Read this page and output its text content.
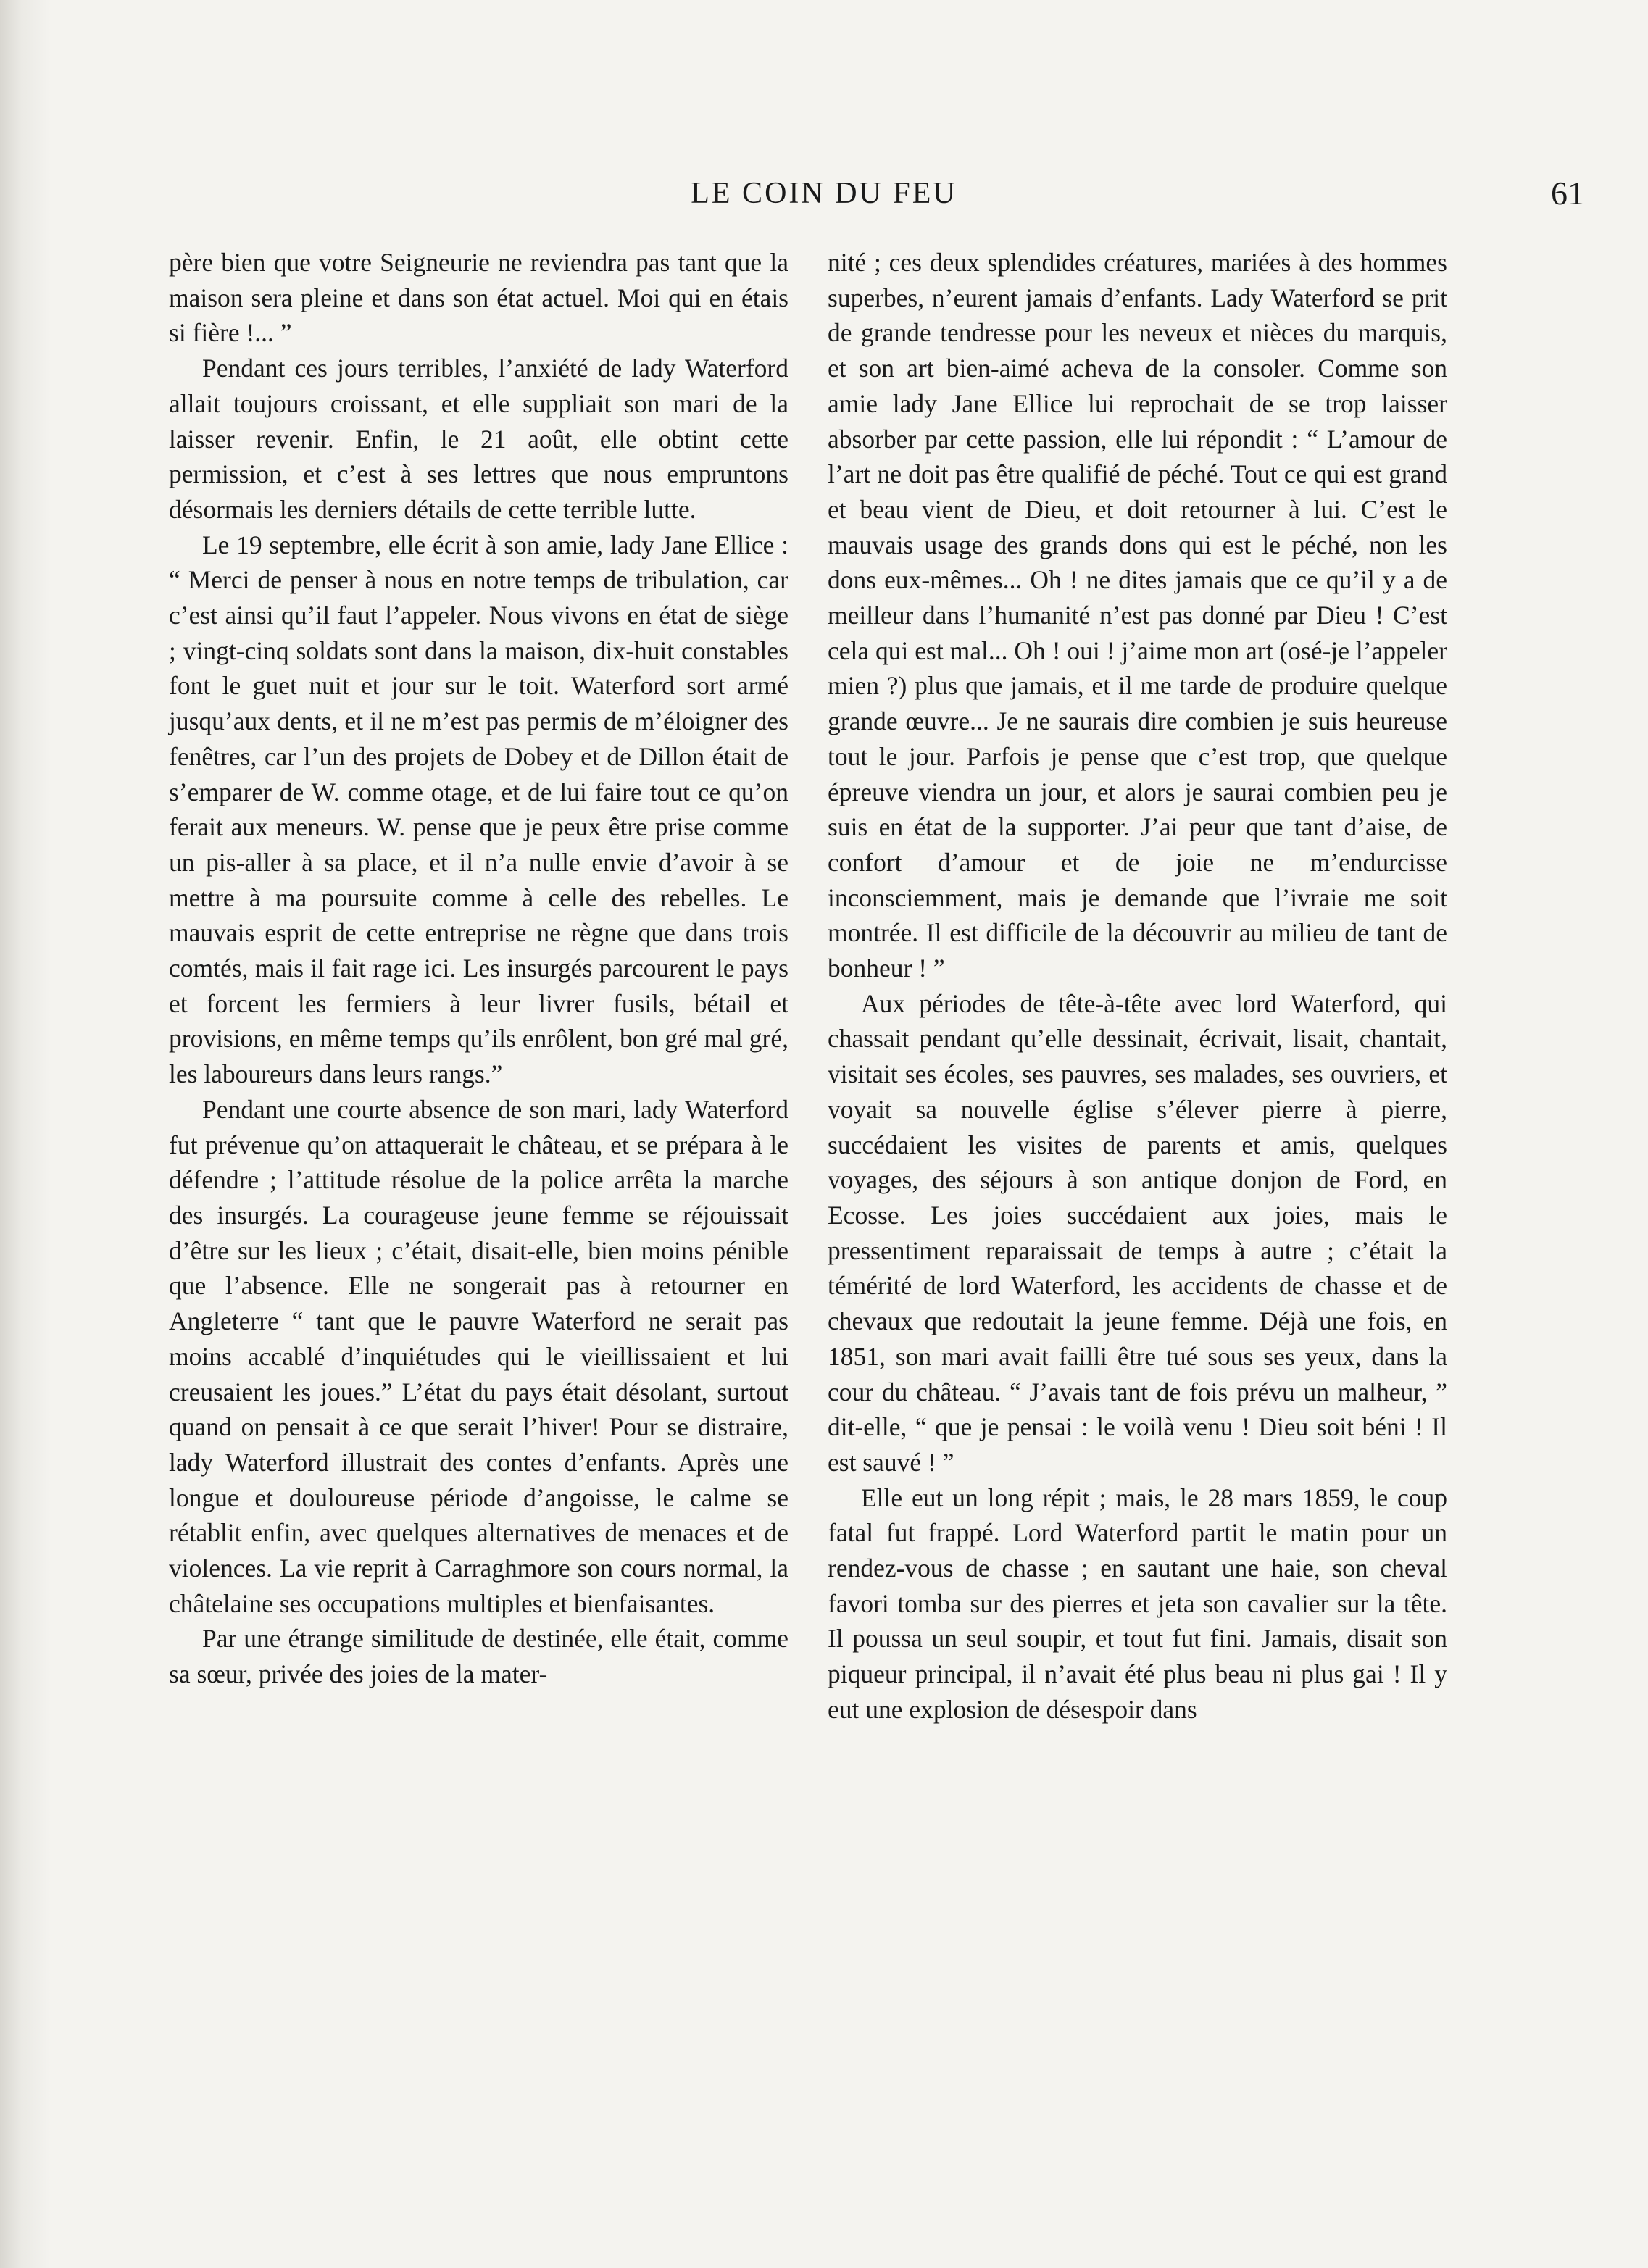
LE COIN DU FEU	61

père bien que votre Seigneurie ne reviendra pas tant que la maison sera pleine et dans son état actuel. Moi qui en étais si fière !... ”

Pendant ces jours terribles, l’anxiété de lady Waterford allait toujours croissant, et elle suppliait son mari de la laisser revenir. Enfin, le 21 août, elle obtint cette permission, et c’est à ses lettres que nous empruntons désormais les derniers détails de cette terrible lutte.

Le 19 septembre, elle écrit à son amie, lady Jane Ellice : “ Merci de penser à nous en notre temps de tribulation, car c’est ainsi qu’il faut l’appeler. Nous vivons en état de siège ; vingt-cinq soldats sont dans la maison, dix-huit constables font le guet nuit et jour sur le toit. Waterford sort armé jusqu’aux dents, et il ne m’est pas permis de m’éloigner des fenêtres, car l’un des projets de Dobey et de Dillon était de s’emparer de W. comme otage, et de lui faire tout ce qu’on ferait aux meneurs. W. pense que je peux être prise comme un pis-aller à sa place, et il n’a nulle envie d’avoir à se mettre à ma poursuite comme à celle des rebelles. Le mauvais esprit de cette entreprise ne règne que dans trois comtés, mais il fait rage ici. Les insurgés parcourent le pays et forcent les fermiers à leur livrer fusils, bétail et provisions, en même temps qu’ils enrôlent, bon gré mal gré, les laboureurs dans leurs rangs.”

Pendant une courte absence de son mari, lady Waterford fut prévenue qu’on attaquerait le château, et se prépara à le défendre ; l’attitude résolue de la police arrêta la marche des insurgés. La courageuse jeune femme se réjouissait d’être sur les lieux ; c’était, disait-elle, bien moins pénible que l’absence. Elle ne songerait pas à retourner en Angleterre “ tant que le pauvre Waterford ne serait pas moins accablé d’inquiétudes qui le vieillissaient et lui creusaient les joues.” L’état du pays était désolant, surtout quand on pensait à ce que serait l’hiver! Pour se distraire, lady Waterford illustrait des contes d’enfants. Après une longue et douloureuse période d’angoisse, le calme se rétablit enfin, avec quelques alternatives de menaces et de violences. La vie reprit à Carraghmore son cours normal, la châtelaine ses occupations multiples et bienfaisantes.

Par une étrange similitude de destinée, elle était, comme sa sœur, privée des joies de la mater-

nité ; ces deux splendides créatures, mariées à des hommes superbes, n’eurent jamais d’enfants. Lady Waterford se prit de grande tendresse pour les neveux et nièces du marquis, et son art bien-aimé acheva de la consoler. Comme son amie lady Jane Ellice lui reprochait de se trop laisser absorber par cette passion, elle lui répondit : “ L’amour de l’art ne doit pas être qualifié de péché. Tout ce qui est grand et beau vient de Dieu, et doit retourner à lui. C’est le mauvais usage des grands dons qui est le péché, non les dons eux-mêmes... Oh ! ne dites jamais que ce qu’il y a de meilleur dans l’humanité n’est pas donné par Dieu ! C’est cela qui est mal... Oh ! oui ! j’aime mon art (osé-je l’appeler mien ?) plus que jamais, et il me tarde de produire quelque grande œuvre... Je ne saurais dire combien je suis heureuse tout le jour. Parfois je pense que c’est trop, que quelque épreuve viendra un jour, et alors je saurai combien peu je suis en état de la supporter. J’ai peur que tant d’aise, de confort d’amour et de joie ne m’endurcisse inconsciemment, mais je demande que l’ivraie me soit montrée. Il est difficile de la découvrir au milieu de tant de bonheur ! ”

Aux périodes de tête-à-tête avec lord Waterford, qui chassait pendant qu’elle dessinait, écrivait, lisait, chantait, visitait ses écoles, ses pauvres, ses malades, ses ouvriers, et voyait sa nouvelle église s’élever pierre à pierre, succédaient les visites de parents et amis, quelques voyages, des séjours à son antique donjon de Ford, en Ecosse. Les joies succédaient aux joies, mais le pressentiment reparaissait de temps à autre ; c’était la témérité de lord Waterford, les accidents de chasse et de chevaux que redoutait la jeune femme. Déjà une fois, en 1851, son mari avait failli être tué sous ses yeux, dans la cour du château. “ J’avais tant de fois prévu un malheur, ” dit-elle, “ que je pensai : le voilà venu ! Dieu soit béni ! Il est sauvé ! ”

Elle eut un long répit ; mais, le 28 mars 1859, le coup fatal fut frappé. Lord Waterford partit le matin pour un rendez-vous de chasse ; en sautant une haie, son cheval favori tomba sur des pierres et jeta son cavalier sur la tête. Il poussa un seul soupir, et tout fut fini. Jamais, disait son piqueur principal, il n’avait été plus beau ni plus gai ! Il y eut une explosion de désespoir dans
